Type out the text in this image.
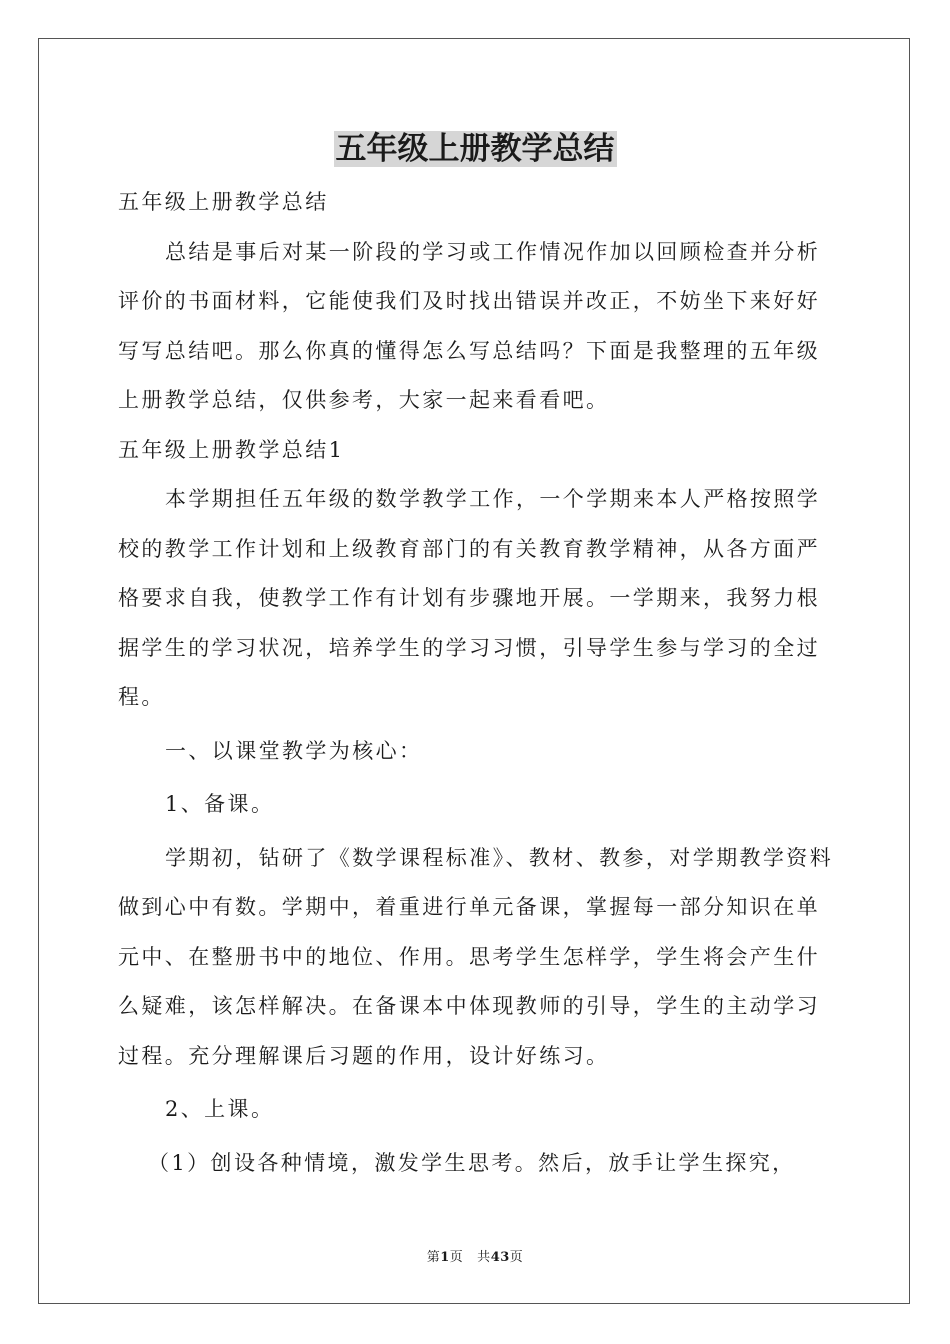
五年级上册教学总结

五年级上册教学总结

总结是事后对某一阶段的学习或工作情况作加以回顾检查并分析评价的书面材料，它能使我们及时找出错误并改正，不妨坐下来好好写写总结吧。那么你真的懂得怎么写总结吗？下面是我整理的五年级上册教学总结，仅供参考，大家一起来看看吧。

五年级上册教学总结1

本学期担任五年级的数学教学工作，一个学期来本人严格按照学校的教学工作计划和上级教育部门的有关教育教学精神，从各方面严格要求自我，使教学工作有计划有步骤地开展。一学期来，我努力根据学生的学习状况，培养学生的学习习惯，引导学生参与学习的全过程。

一、以课堂教学为核心：

1、备课。

学期初，钻研了《数学课程标准》、教材、教参，对学期教学资料做到心中有数。学期中，着重进行单元备课，掌握每一部分知识在单元中、在整册书中的地位、作用。思考学生怎样学，学生将会产生什么疑难，该怎样解决。在备课本中体现教师的引导，学生的主动学习过程。充分理解课后习题的作用，设计好练习。

2、上课。

（1）创设各种情境，激发学生思考。然后，放手让学生探究，

第1页 共43页
